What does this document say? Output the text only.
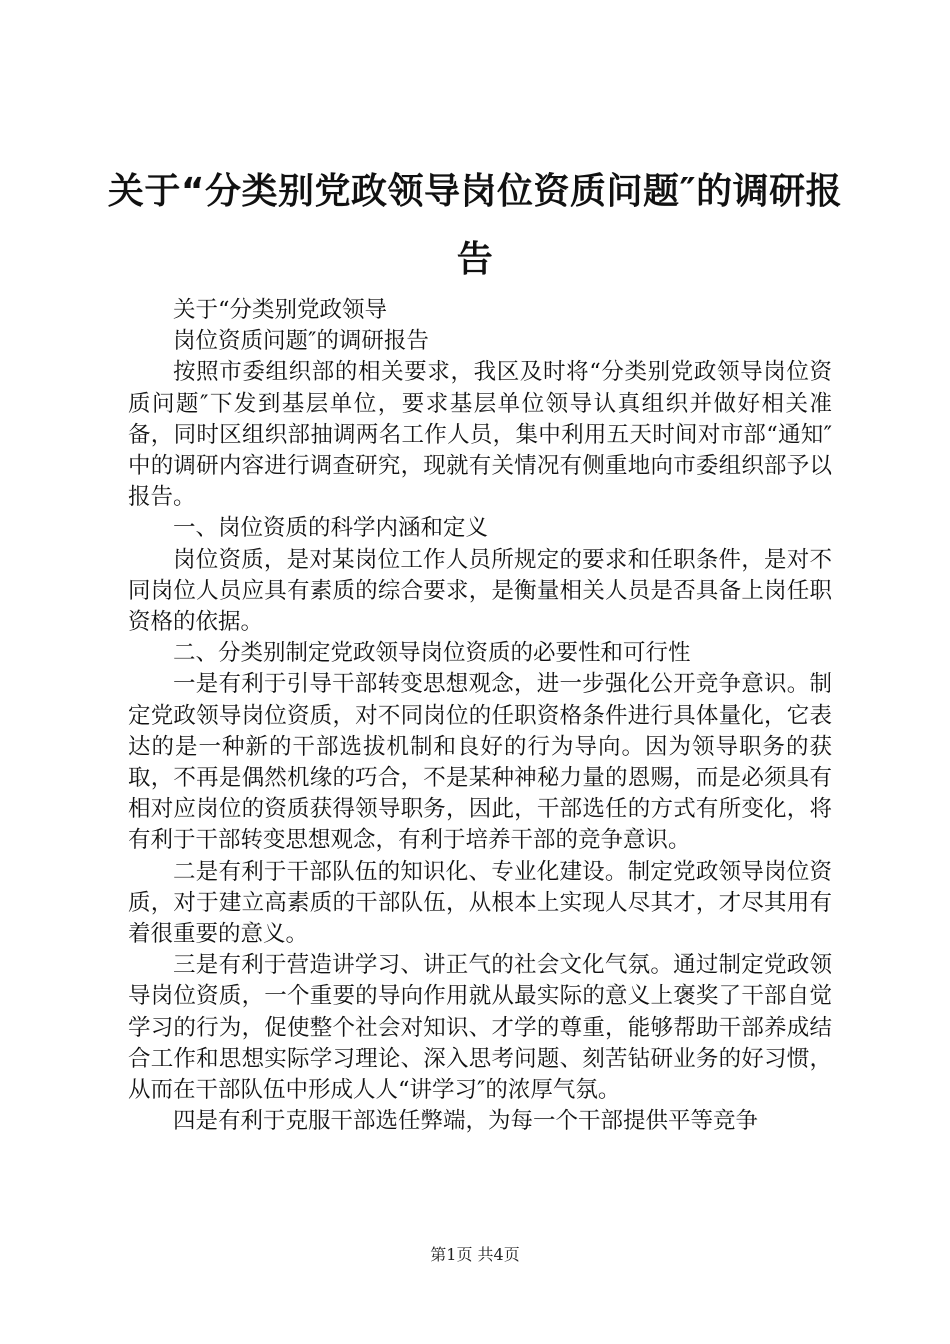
关于“分类别党政领导岗位资质问题″的调研报告

关于“分类别党政领导

岗位资质问题″的调研报告

按照市委组织部的相关要求，我区及时将“分类别党政领导岗位资质问题″下发到基层单位，要求基层单位领导认真组织并做好相关准备，同时区组织部抽调两名工作人员，集中利用五天时间对市部“通知″中的调研内容进行调查研究，现就有关情况有侧重地向市委组织部予以报告。

一、岗位资质的科学内涵和定义

岗位资质，是对某岗位工作人员所规定的要求和任职条件，是对不同岗位人员应具有素质的综合要求，是衡量相关人员是否具备上岗任职资格的依据。

二、分类别制定党政领导岗位资质的必要性和可行性

一是有利于引导干部转变思想观念，进一步强化公开竞争意识。制定党政领导岗位资质，对不同岗位的任职资格条件进行具体量化，它表达的是一种新的干部选拔机制和良好的行为导向。因为领导职务的获取，不再是偶然机缘的巧合，不是某种神秘力量的恩赐，而是必须具有相对应岗位的资质获得领导职务，因此，干部选任的方式有所变化，将有利于干部转变思想观念，有利于培养干部的竞争意识。

二是有利于干部队伍的知识化、专业化建设。制定党政领导岗位资质，对于建立高素质的干部队伍，从根本上实现人尽其才，才尽其用有着很重要的意义。

三是有利于营造讲学习、讲正气的社会文化气氛。通过制定党政领导岗位资质，一个重要的导向作用就从最实际的意义上褒奖了干部自觉学习的行为，促使整个社会对知识、才学的尊重，能够帮助干部养成结合工作和思想实际学习理论、深入思考问题、刻苦钻研业务的好习惯，从而在干部队伍中形成人人“讲学习″的浓厚气氛。

四是有利于克服干部选任弊端，为每一个干部提供平等竞争

第1页 共4页
